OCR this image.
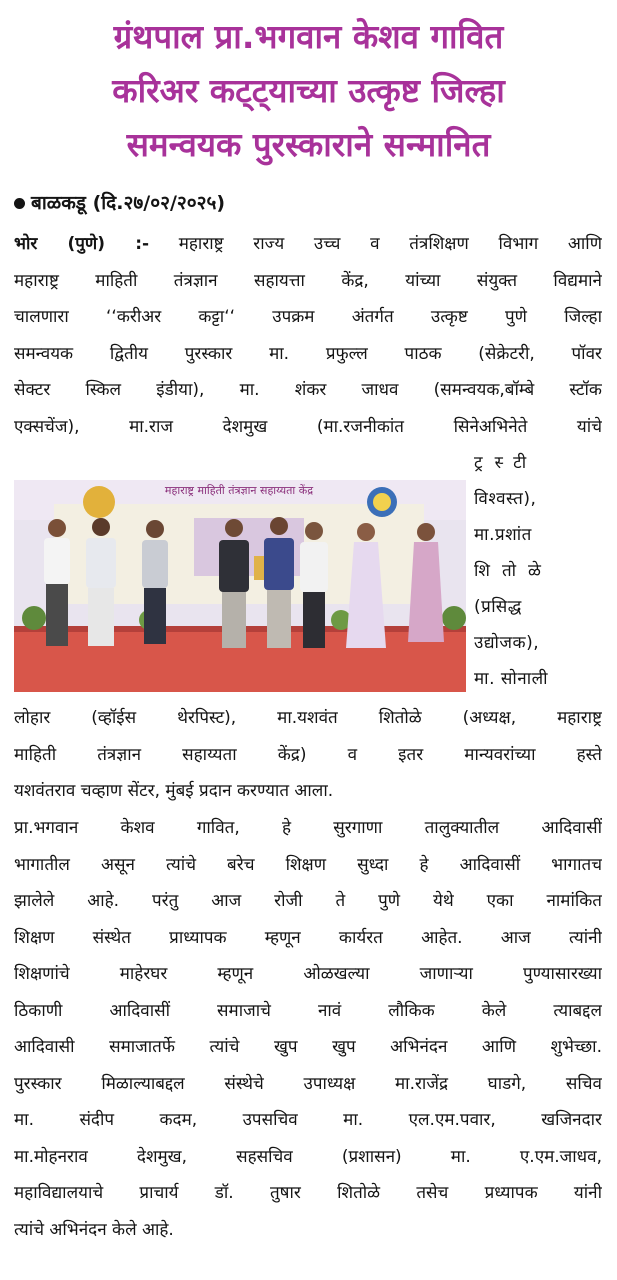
ग्रंथपाल प्रा.भगवान केशव गावित
करिअर कट्ट्याच्या उत्कृष्ट जिल्हा
समन्वयक पुरस्काराने सन्मानित
बाळकडू (दि.२७/०२/२०२५)
भोर (पुणे) :- महाराष्ट्र राज्य उच्च व तंत्रशिक्षण विभाग आणि
महाराष्ट्र माहिती तंत्रज्ञान सहायत्ता केंद्र, यांच्या संयुक्त विद्यमाने
चालणारा ‘‘करीअर कट्टा‘‘ उपक्रम अंतर्गत उत्कृष्ट पुणे जिल्हा
समन्वयक द्वितीय पुरस्कार मा. प्रफुल्ल पाठक (सेक्रेटरी, पॉवर
सेक्टर स्किल इंडीया), मा. शंकर जाधव (समन्वयक,बॉम्बे स्टॉक
एक्सचेंज), मा.राज देशमुख (मा.रजनीकांत सिनेअभिनेते यांचे
ट्रस्टी
विश्वस्त),
मा.प्रशांत
शितोळे
(प्रसिद्ध
उद्योजक),
मा. सोनाली
महाराष्ट्र माहिती तंत्रज्ञान सहाय्यता केंद्र
लोहार (व्हॉईस थेरपिस्ट), मा.यशवंत शितोळे (अध्यक्ष, महाराष्ट्र
माहिती तंत्रज्ञान सहाय्यता केंद्र) व इतर मान्यवरांच्या हस्ते
यशवंतराव चव्हाण सेंटर, मुंबई प्रदान करण्यात आला.
प्रा.भगवान केशव गावित, हे सुरगाणा तालुक्यातील आदिवासीं
भागातील असून त्यांचे बरेच शिक्षण सुध्दा हे आदिवासीं भागातच
झालेले आहे. परंतु आज रोजी ते पुणे येथे एका नामांकित
शिक्षण संस्थेत प्राध्यापक म्हणून कार्यरत आहेत. आज त्यांनी
शिक्षणांचे माहेरघर म्हणून ओळखल्या जाणाऱ्या पुण्यासारख्या
ठिकाणी आदिवासीं समाजाचे नावं लौकिक केले त्याबद्दल
आदिवासी समाजातर्फे त्यांचे खुप खुप अभिनंदन आणि शुभेच्छा.
पुरस्कार मिळाल्याबद्दल संस्थेचे उपाध्यक्ष मा.राजेंद्र घाडगे, सचिव
मा. संदीप कदम, उपसचिव मा. एल.एम.पवार, खजिनदार
मा.मोहनराव देशमुख, सहसचिव (प्रशासन) मा. ए.एम.जाधव,
महाविद्यालयाचे प्राचार्य डॉ. तुषार शितोळे तसेच प्रध्यापक यांनी
त्यांचे अभिनंदन केले आहे.
